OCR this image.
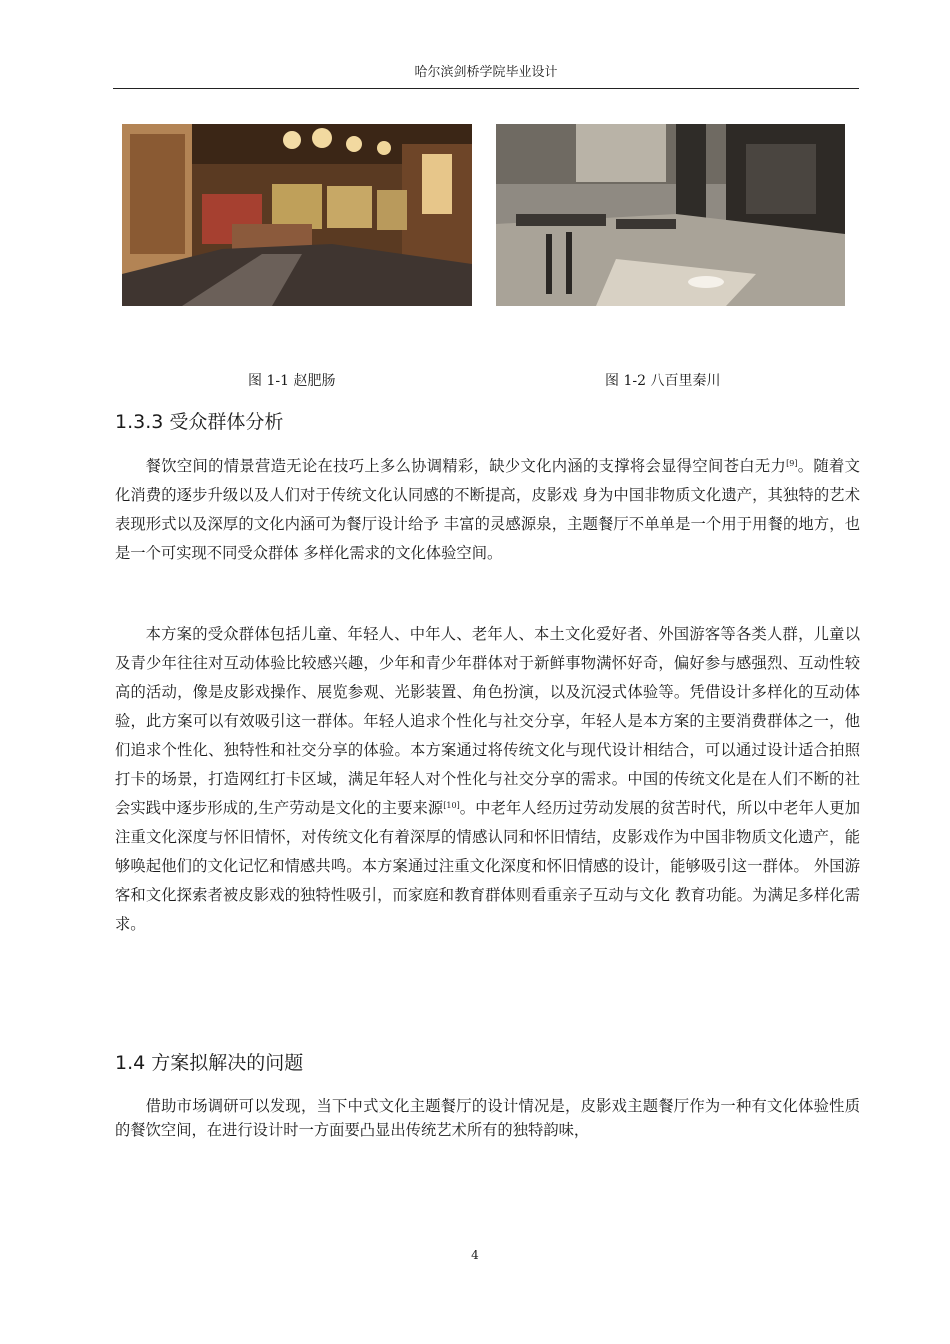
哈尔滨剑桥学院毕业设计
图 1-1 赵肥肠	图 1-2 八百里秦川
1.3.3 受众群体分析

餐饮空间的情景营造无论在技巧上多么协调精彩，缺少文化内涵的支撑将会显得空间苍白无力[9]。随着文化消费的逐步升级以及人们对于传统文化认同感的不断提高，皮影戏 身为中国非物质文化遗产，其独特的艺术表现形式以及深厚的文化内涵可为餐厅设计给予 丰富的灵感源泉，主题餐厅不单单是一个用于用餐的地方，也是一个可实现不同受众群体 多样化需求的文化体验空间。

本方案的受众群体包括儿童、年轻人、中年人、老年人、本土文化爱好者、外国游客等各类人群，儿童以及青少年往往对互动体验比较感兴趣，少年和青少年群体对于新鲜事物满怀好奇，偏好参与感强烈、互动性较高的活动，像是皮影戏操作、展览参观、光影装置、角色扮演，以及沉浸式体验等。凭借设计多样化的互动体验，此方案可以有效吸引这一群体。年轻人追求个性化与社交分享，年轻人是本方案的主要消费群体之一，他们追求个性化、独特性和社交分享的体验。本方案通过将传统文化与现代设计相结合，可以通过设计适合拍照打卡的场景，打造网红打卡区域，满足年轻人对个性化与社交分享的需求。中国的传统文化是在人们不断的社会实践中逐步形成的,生产劳动是文化的主要来源[10]。中老年人经历过劳动发展的贫苦时代，所以中老年人更加注重文化深度与怀旧情怀，对传统文化有着深厚的情感认同和怀旧情结，皮影戏作为中国非物质文化遗产，能够唤起他们的文化记忆和情感共鸣。本方案通过注重文化深度和怀旧情感的设计，能够吸引这一群体。 外国游客和文化探索者被皮影戏的独特性吸引，而家庭和教育群体则看重亲子互动与文化 教育功能。为满足多样化需求。

1.4 方案拟解决的问题

借助市场调研可以发现，当下中式文化主题餐厅的设计情况是，皮影戏主题餐厅作为一种有文化体验性质的餐饮空间，在进行设计时一方面要凸显出传统艺术所有的独特韵味，

4
